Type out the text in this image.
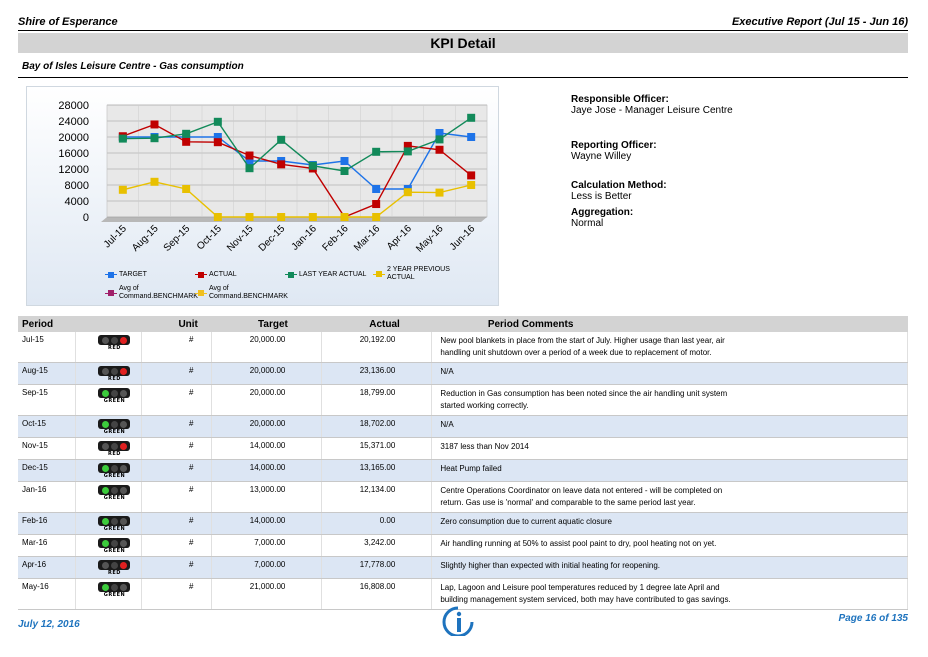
Shire of Esperance	Executive Report (Jul 15 - Jun 16)
KPI Detail
Bay of Isles Leisure Centre - Gas consumption
0
4000
8000
12000
16000
20000
24000
28000
Jul-15 Aug-15 Sep-15 Oct-15 Nov-15 Dec-15 Jan-16 Feb-16 Mar-16 Apr-16 May-16 Jun-16
TARGET	ACTUAL	LAST YEAR ACTUAL
2 YEAR PREVIOUS ACTUAL
Avg of Command.BENCHMARK
Avg of Command.BENCHMARK
Responsible Officer:
Jaye Jose - Manager Leisure Centre
Reporting Officer:
Wayne Willey
Calculation Method:
Less is Better
Aggregation:
Normal
Period		Unit	Target	Actual	Period Comments
Jul-15	RED	#	20,000.00	20,192.00	New pool blankets in place from the start of July. Higher usage than last year, air handling unit shutdown over a period of a week due to replacement of motor.
Aug-15	RED	#	20,000.00	23,136.00	N/A
Sep-15	GREEN	#	20,000.00	18,799.00	Reduction in Gas consumption has been noted since the air handling unit system started working correctly.
Oct-15	GREEN	#	20,000.00	18,702.00	N/A
Nov-15	RED	#	14,000.00	15,371.00	3187 less than Nov 2014
Dec-15	GREEN	#	14,000.00	13,165.00	Heat Pump failed
Jan-16	GREEN	#	13,000.00	12,134.00	Centre Operations Coordinator on leave data not entered - will be completed on return. Gas use is 'normal' and comparable to the same period last year.
Feb-16	GREEN	#	14,000.00	0.00	Zero consumption due to current aquatic closure
Mar-16	GREEN	#	7,000.00	3,242.00	Air handling running at 50% to assist pool paint to dry, pool heating not on yet.
Apr-16	RED	#	7,000.00	17,778.00	Slightly higher than expected with initial heating for reopening.
May-16	GREEN	#	21,000.00	16,808.00	Lap, Lagoon and Leisure pool temperatures reduced by 1 degree late April and building management system serviced, both may have contributed to gas savings.
July 12, 2016
Page 16 of 135
